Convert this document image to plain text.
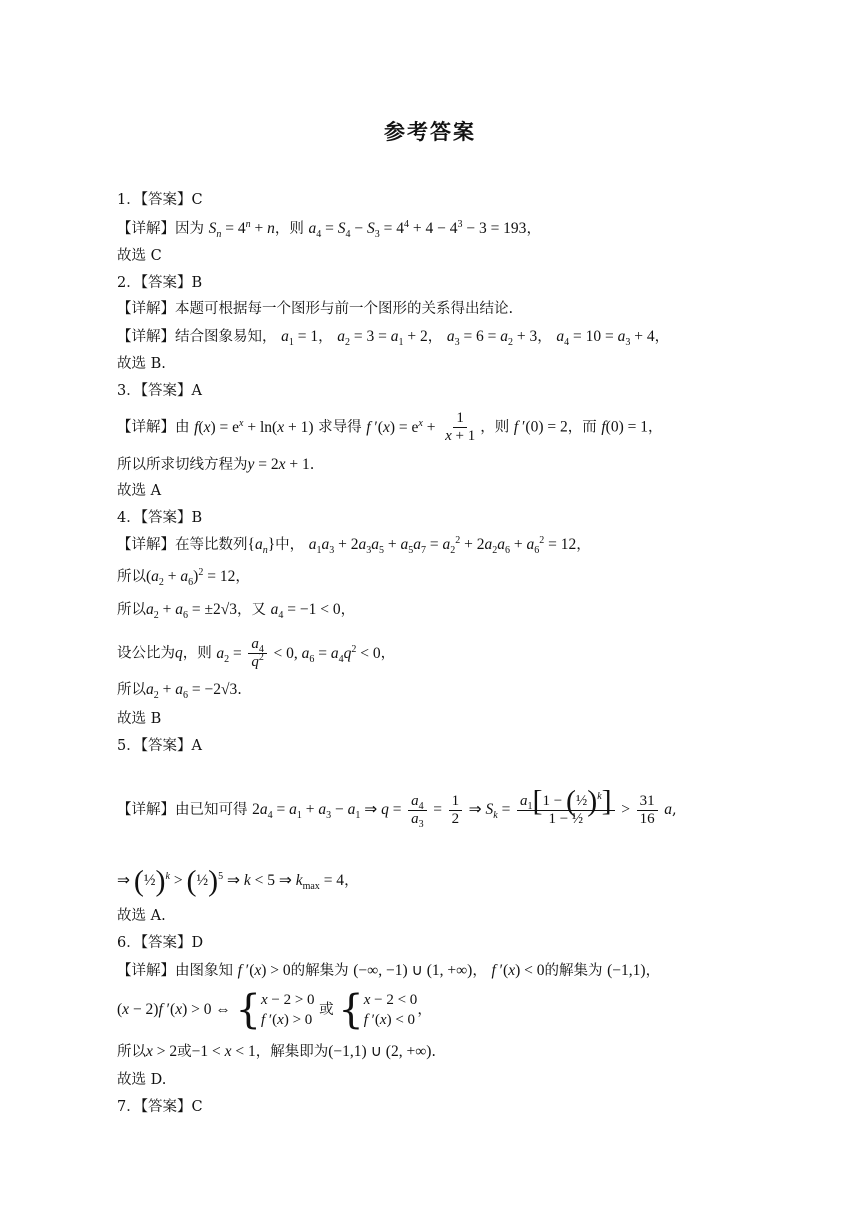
参考答案
1．【答案】C
【详解】因为 $S_n = 4^n + n$，则 $a_4 = S_4 - S_3 = 4^4 + 4 - 4^3 - 3 = 193$，
故选 C
2．【答案】B
【详解】本题可根据每一个图形与前一个图形的关系得出结论.
【详解】结合图象易知， $a_1 = 1$， $a_2 = 3 = a_1 + 2$， $a_3 = 6 = a_2 + 3$， $a_4 = 10 = a_3 + 4$，
故选 B.
3．【答案】A
【详解】由 $f(x) = e^x + \ln(x + 1)$ 求导得 f $'(x) = e^x + \frac{1}{x + 1}$ ，则 f ′(0) = 2，而 f(0) = 1，
所以所求切线方程为y = 2x + 1.
故选 A
4．【答案】B
【详解】在等比数列$\{a_n\}$中， $a_1a_3 + 2a_3a_5 + a_5a_7 = a_2^2 + 2a_2a_6 + a_6^2 = 12$，
所以$(a_2 + a_6)^2 = 12$，
所以$a_2 + a_6 = \pm 2√3$，又 $a_4 = -1 < 0$，
设公比为q，则 $a_2 = \frac{a_4}{q^2} < 0$, $a_6 = a_4q^2 < 0$，
所以$a_2 + a_6 = -2√3$.
故选 B
5．【答案】A
【详解】由已知可得 $2a_4 = a_1 + a_3 - a_1$ ⇒ $q = \frac{a_4}{a_3} = \frac{1}{2}$ ⇒ $S_k = \frac{a_1[1 - (\frac{1}{2})^k]}{\text{1 − ½}} > \frac{31}{16} a$,
⇒ (½)$^k$ > (½)$^5$ ⇒ k < 5 ⇒ $k_{max} = 4$，
故选 A.
6．【答案】D
【详解】由图象知 f ′(x) > 0的解集为 (−∞, −1) ∪ (1, +∞)， f ′(x) < 0的解集为 (−1,1)，
(x − 2)f ′(x) > 0 ⇔ { x − 2 > 0
f ′(x) > 0
或 { x − 2 < 0
f ′(x) < 0
，
所以x > 2或−1 < x < 1，解集即为(−1,1) ∪ (2, +∞).
故选 D.
7．【答案】C
